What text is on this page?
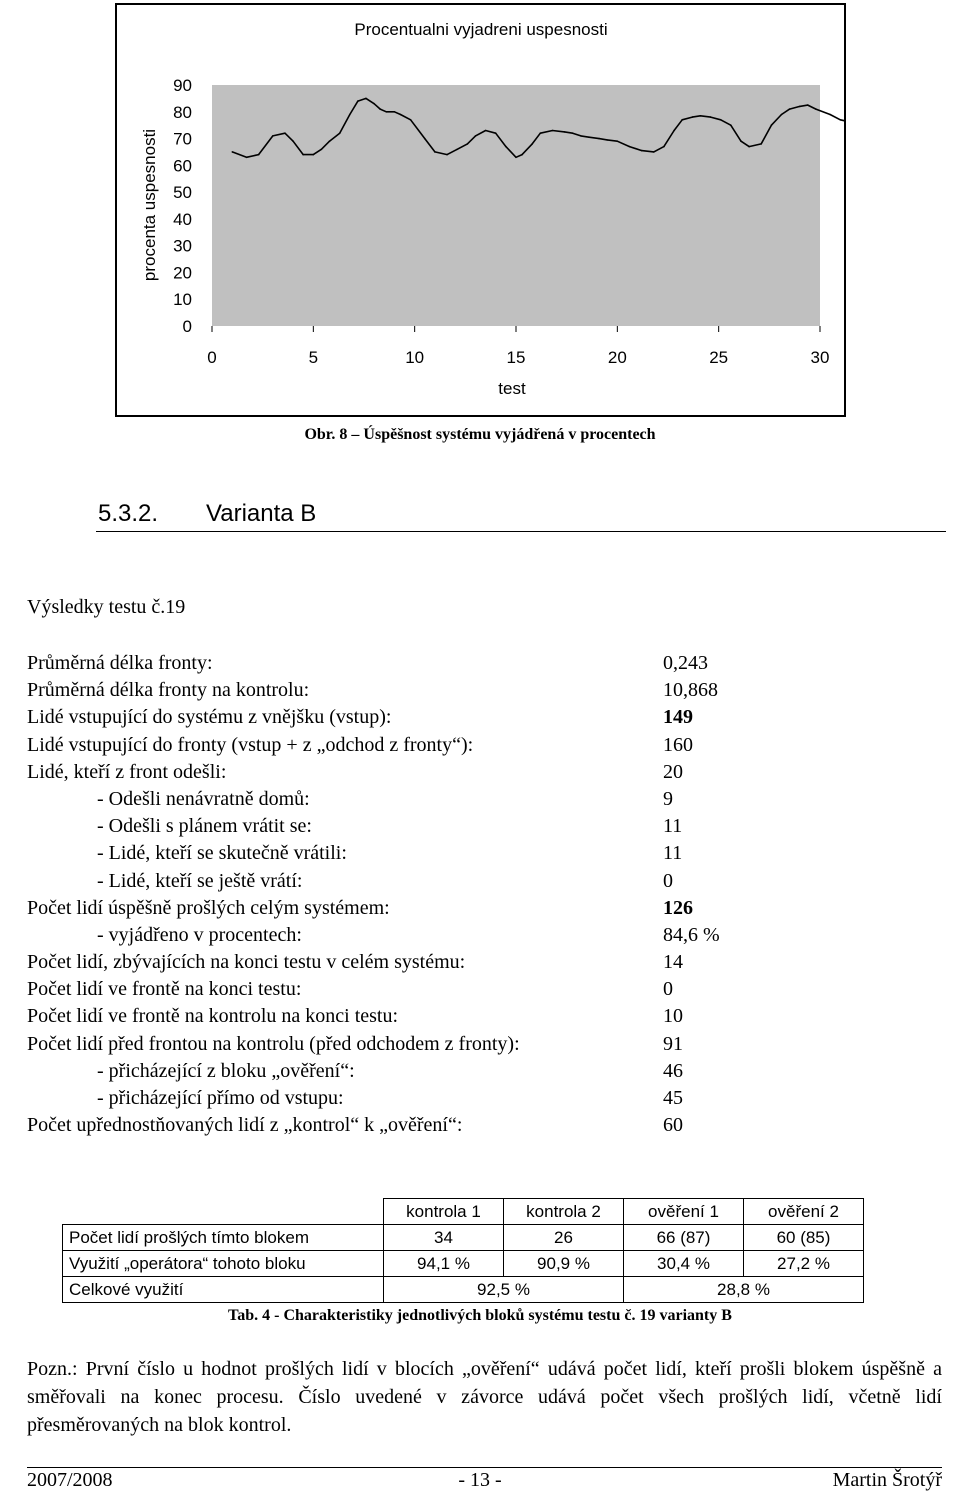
Procentualni vyjadreni uspesnosti
0
10
20
30
40
50
60
70
80
90
0	5	10	15	20	25	30
procenta uspesnosti
test
Obr. 8 – Úspěšnost systému vyjádřená v procentech
5.3.2. Varianta B
Výsledky testu č.19
Průměrná délka fronty:	0,243
Průměrná délka fronty na kontrolu:	10,868
Lidé vstupující do systému z vnějšku (vstup):	149
Lidé vstupující do fronty (vstup + z „odchod z fronty“):	160
Lidé, kteří z front odešli:	20
- Odešli nenávratně domů:	9
- Odešli s plánem vrátit se:	11
- Lidé, kteří se skutečně vrátili:	11
- Lidé, kteří se ještě vrátí:	0
Počet lidí úspěšně prošlých celým systémem:	126
- vyjádřeno v procentech:	84,6 %
Počet lidí, zbývajících na konci testu v celém systému:	14
Počet lidí ve frontě na konci testu:	0
Počet lidí ve frontě na kontrolu na konci testu:	10
Počet lidí před frontou na kontrolu (před odchodem z fronty):	91
- přicházející z bloku „ověření“:	46
- přicházející přímo od vstupu:	45
Počet upřednostňovaných lidí z „kontrol“ k „ověření“:	60
	kontrola 1	kontrola 2	ověření 1	ověření 2
Počet lidí prošlých tímto blokem	34	26	66 (87)	60 (85)
Využití „operátora“ tohoto bloku	94,1 %	90,9 %	30,4 %	27,2 %
Celkové využití	92,5 %		28,8 %	
Tab. 4 - Charakteristiky jednotlivých bloků systému testu č. 19 varianty B
Pozn.: První číslo u hodnot prošlých lidí v blocích „ověření“ udává počet lidí, kteří prošli blokem úspěšně a směřovali na konec procesu. Číslo uvedené v závorce udává počet všech prošlých lidí, včetně lidí přesměrovaných na blok kontrol.
2007/2008	- 13 -	Martin Šrotýř
